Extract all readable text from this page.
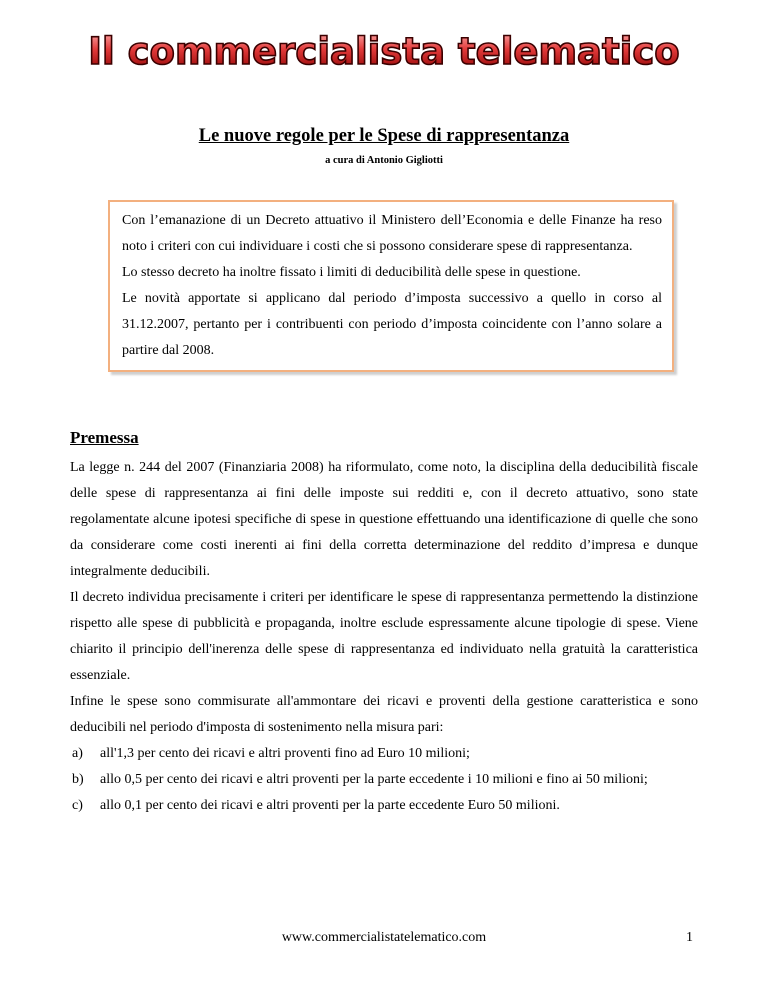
Il commercialista telematico
Le nuove regole per le Spese di rappresentanza
a cura di Antonio Gigliotti

Con l’emanazione di un Decreto attuativo il Ministero dell’Economia e delle Finanze ha reso noto i criteri con cui individuare i costi che si possono considerare spese di rappresentanza.

Lo stesso decreto ha inoltre fissato i limiti di deducibilità delle spese in questione.

Le novità apportate si applicano dal periodo d’imposta successivo a quello in corso al 31.12.2007, pertanto per i contribuenti con periodo d’imposta coincidente con l’anno solare a partire dal 2008.

Premessa

La legge n. 244 del 2007 (Finanziaria 2008) ha riformulato, come noto, la disciplina della deducibilità fiscale delle spese di rappresentanza ai fini delle imposte sui redditi e, con il decreto attuativo, sono state regolamentate alcune ipotesi specifiche di spese in questione effettuando una identificazione di quelle che sono da considerare come costi inerenti ai fini della corretta determinazione del reddito d’impresa e dunque integralmente deducibili.

Il decreto individua precisamente i criteri per identificare le spese di rappresentanza permettendo la distinzione rispetto alle spese di pubblicità e propaganda, inoltre esclude espressamente alcune tipologie di spese. Viene chiarito il principio dell'inerenza delle spese di rappresentanza ed individuato nella gratuità la caratteristica essenziale.

Infine le spese sono commisurate all'ammontare dei ricavi e proventi della gestione caratteristica e sono deducibili nel periodo d'imposta di sostenimento nella misura pari:

a) all'1,3 per cento dei ricavi e altri proventi fino ad Euro 10 milioni;
b) allo 0,5 per cento dei ricavi e altri proventi per la parte eccedente i 10 milioni e fino ai 50 milioni;
c) allo 0,1 per cento dei ricavi e altri proventi per la parte eccedente Euro 50 milioni.
www.commercialistatelematico.com	1
